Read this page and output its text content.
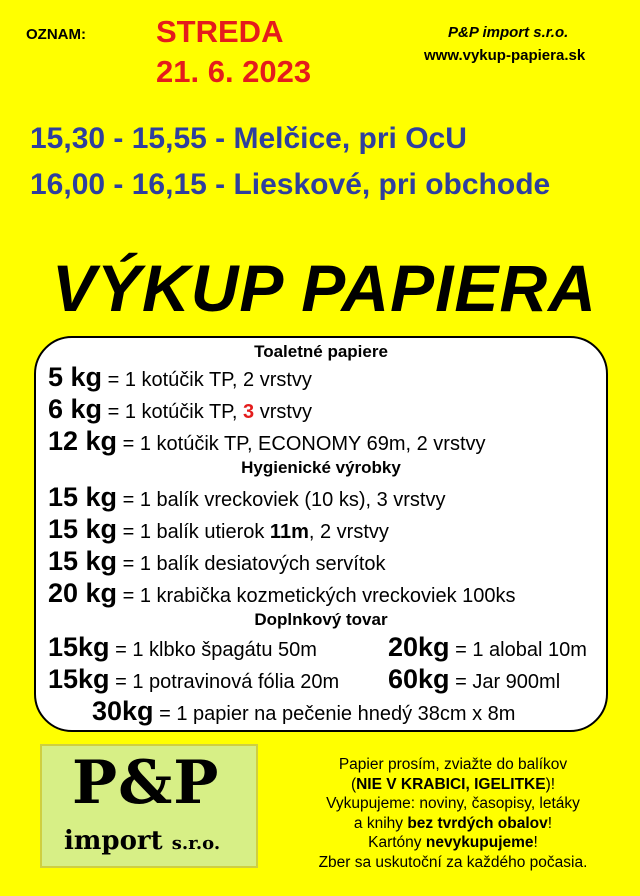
OZNAM: STREDA
21. 6. 2023
P&P import s.r.o.
www.vykup-papiera.sk
15,30 - 15,55 - Melčice, pri OcU
16,00 - 16,15 - Lieskové, pri obchode
VÝKUP PAPIERA
Toaletné papiere
5 kg = 1 kotúčik TP, 2 vrstvy
6 kg = 1 kotúčik TP, 3 vrstvy
12 kg = 1 kotúčik TP, ECONOMY 69m, 2 vrstvy
Hygienické výrobky
15 kg = 1 balík vreckoviek (10 ks), 3 vrstvy
15 kg = 1 balík utierok 11m, 2 vrstvy
15 kg = 1 balík desiatových servítok
20 kg = 1 krabička kozmetických vreckoviek 100ks
Doplnkový tovar
15kg = 1 klbko špagátu 50m	20kg = 1 alobal 10m
15kg = 1 potravinová fólia 20m 60kg = Jar 900ml
30kg = 1 papier na pečenie hnedý 38cm x 8m
P&P
import s.r.o.
Papier prosím, zviažte do balíkov
(NIE V KRABICI, IGELITKE)!
Vykupujeme: noviny, časopisy, letáky
a knihy bez tvrdých obalov!
Kartóny nevykupujeme!
Zber sa uskutoční za každého počasia.
